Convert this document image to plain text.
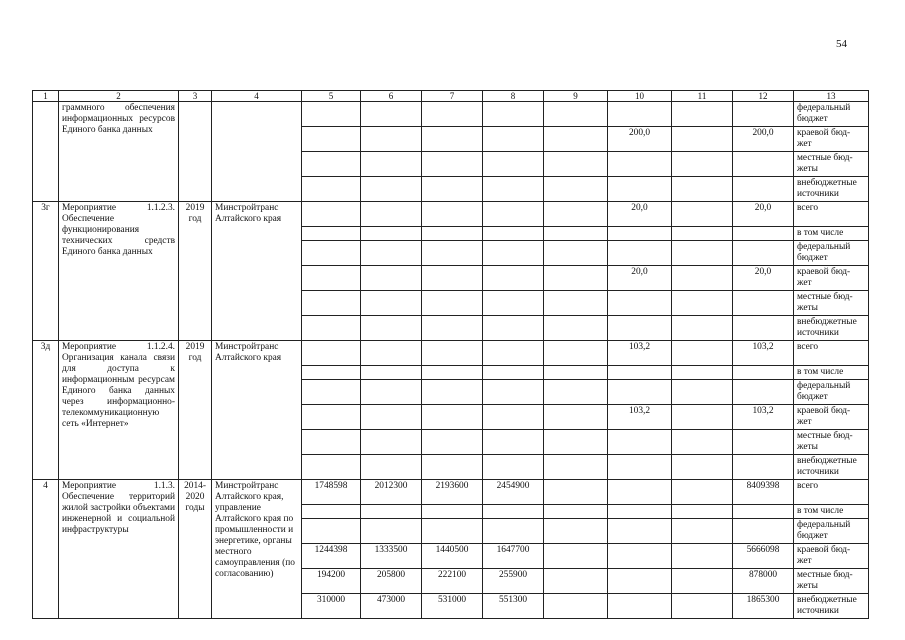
54
1	2	3	4	5	6	7	8	9	10	11	12	13
	граммного обеспечения информационных ресурсов Единого банка данных											федеральный
бюджет
									200,0		200,0	краевой бюд-
жет
												местные бюд-
жеты
												внебюджетные
источники
3г	Мероприятие 1.1.2.3. Обеспечение функционирования технических средств Единого банка данных	2019 год	Минстройтранс Алтайского края						20,0		20,0	всего
												в том числе
												федеральный
бюджет
									20,0		20,0	краевой бюд-
жет
												местные бюд-
жеты
												внебюджетные
источники
3д	Мероприятие 1.1.2.4. Организация канала связи для доступа к информационным ресурсам Единого банка данных через информационно-телекоммуникационную сеть «Интернет»	2019 год	Минстройтранс Алтайского края						103,2		103,2	всего
												в том числе
												федеральный
бюджет
									103,2		103,2	краевой бюд-
жет
												местные бюд-
жеты
												внебюджетные
источники
4	Мероприятие 1.1.3. Обеспечение территорий жилой застройки объектами инженерной и социальной инфраструктуры	2014-2020 годы	Минстройтранс Алтайского края, управление Алтайского края по промышленности и энергетике, органы местного самоуправления (по согласованию)	1748598	2012300	2193600	2454900				8409398	всего
												в том числе
												федеральный
бюджет
				1244398	1333500	1440500	1647700				5666098	краевой бюд-
жет
				194200	205800	222100	255900				878000	местные бюд-
жеты
				310000	473000	531000	551300				1865300	внебюджетные
источники
